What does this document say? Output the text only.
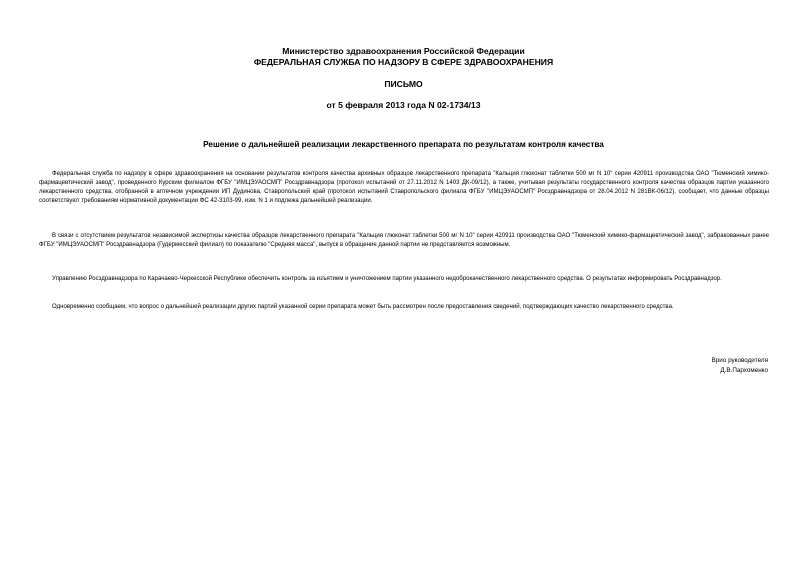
Министерство здравоохранения Российской Федерации
ФЕДЕРАЛЬНАЯ СЛУЖБА ПО НАДЗОРУ В СФЕРЕ ЗДРАВООХРАНЕНИЯ
ПИСЬМО
от 5 февраля 2013 года N 02-1734/13
Решение о дальнейшей реализации лекарственного препарата по результатам контроля качества

Федеральная служба по надзору в сфере здравоохранения на основании результатов контроля качества архивных образцов лекарственного препарата "Кальция глюконат таблетки 500 мг N 10" серии 420911 производства ОАО "Тюменский химико-фармацевтический завод", проведенного Курским филиалом ФГБУ "ИМЦЭУАОСМП" Росздравнадзора (протокол испытаний от 27.11.2012 N 1403 ДК-09/12), а также, учитывая результаты государственного контроля качества образцов партии указанного лекарственного средства, отобранной в аптечном учреждении ИП Дудинова, Ставропольский край (протокол испытаний Ставропольского филиала ФГБУ "ИМЦЭУАОСМП" Росздравнадзора от 28.04.2012 N 281ВК-06/12), сообщает, что данные образцы соответствуют требованиям нормативной документации ФС 42-3103-99, изм. N 1 и подлежа дальнейшей реализации.

В связи с отсутствием результатов независимой экспертизы качества образцов лекарственного препарата "Кальция глюконат таблетки 500 мг N 10" серии 420911 производства ОАО "Тюменский химико-фармацевтический завод", забракованных ранее ФГБУ "ИМЦЭУАОСМП" Росздравнадзора (Гудермесский филиал) по показателю "Средняя масса", выпуск в обращение данной партии не представляется возможным.

Управлению Росздравнадзора по Карачаево-Черкесской Республике обеспечить контроль за изъятием и уничтожением партии указанного недоброкачественного лекарственного средства. О результатах информировать Росздравнадзор.

Одновременно сообщаем, что вопрос о дальнейшей реализации других партий указанной серии препарата может быть рассмотрен после предоставления сведений, подтверждающих качество лекарственного средства.

Врио руководителя
Д.В.Пархоменко
